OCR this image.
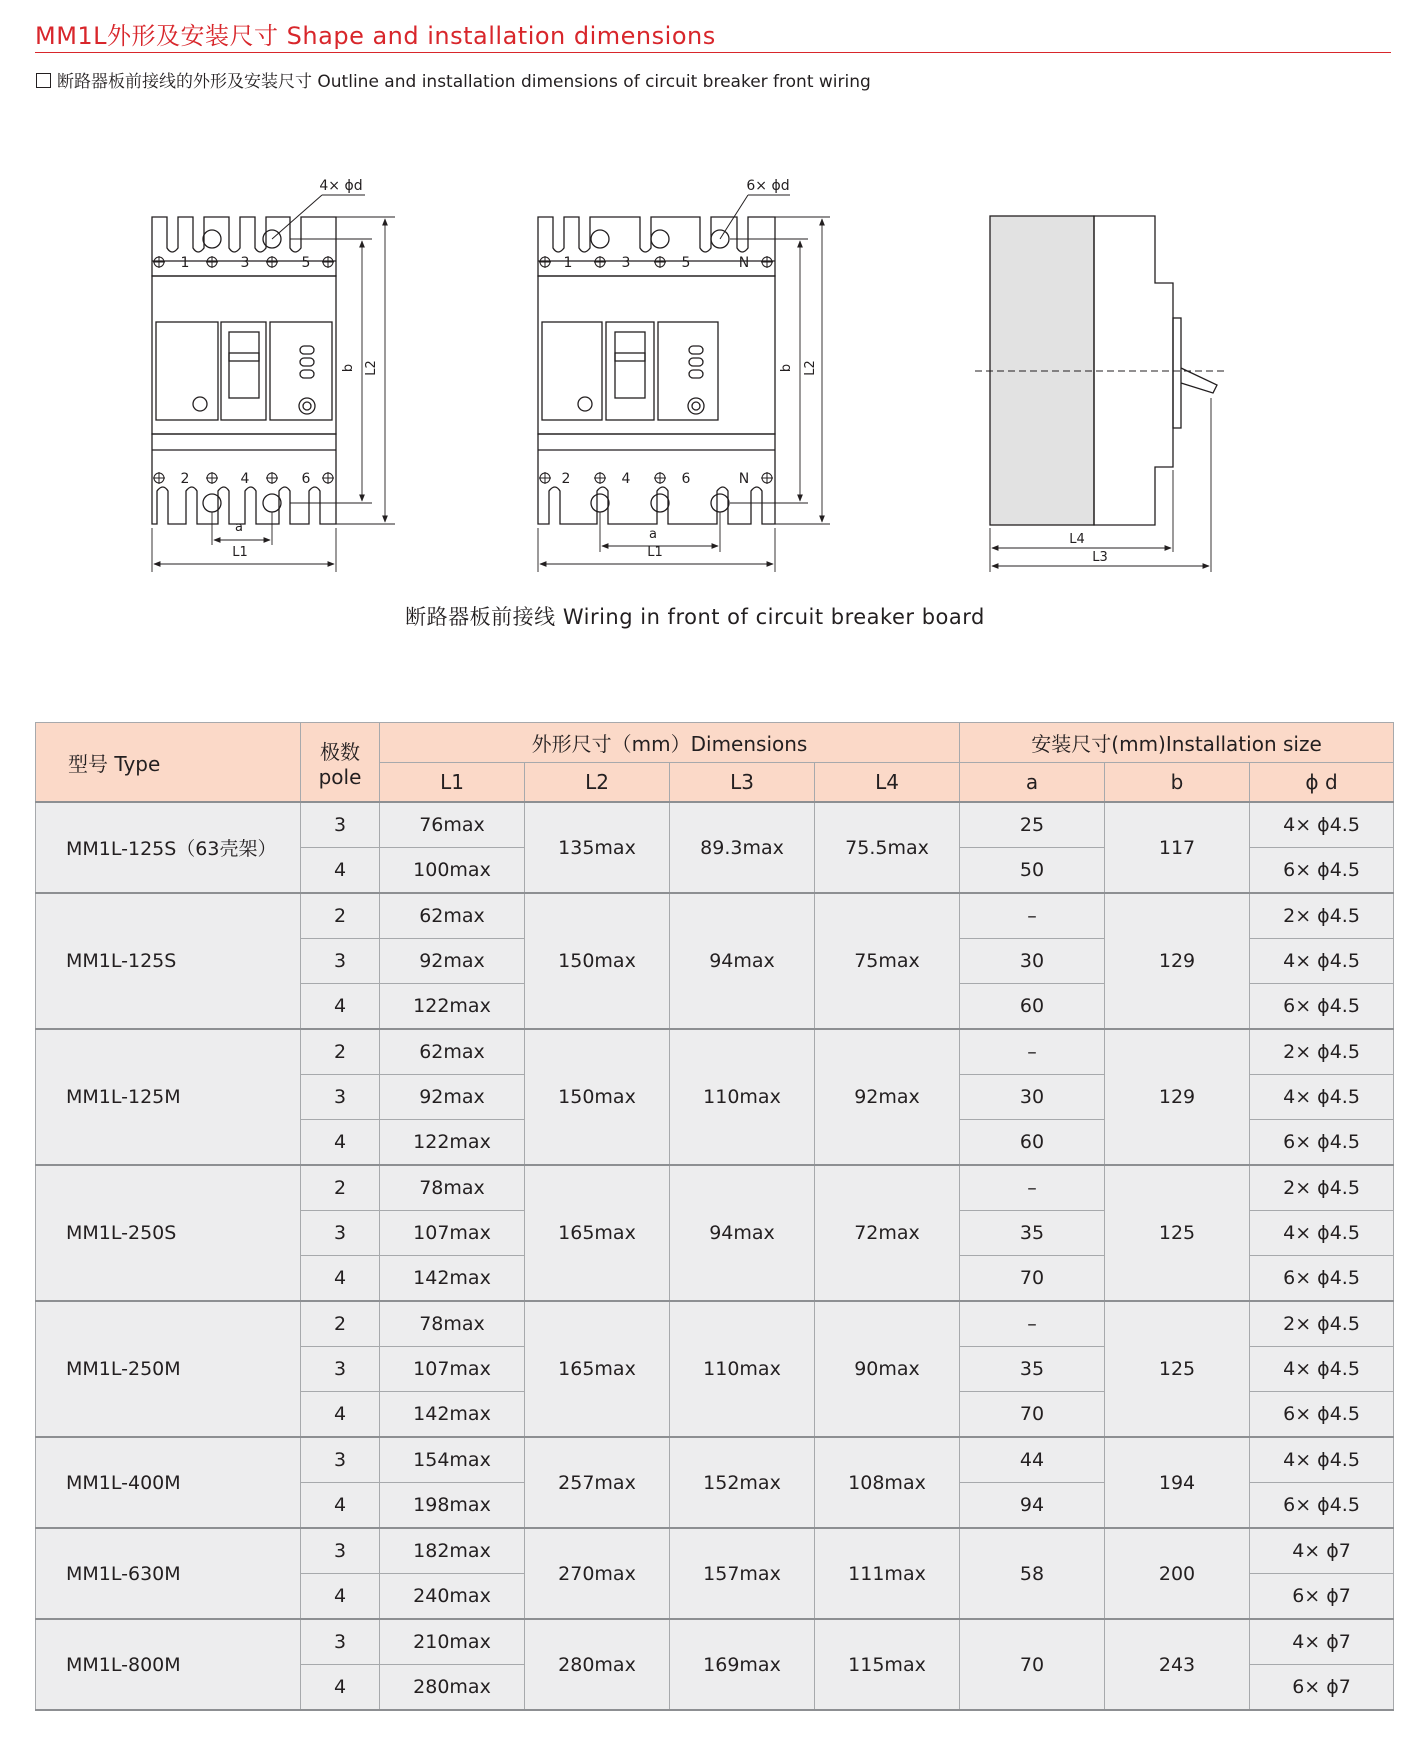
MM1L外形及安装尺寸 Shape and installation dimensions
断路器板前接线的外形及安装尺寸 Outline and installation dimensions of circuit breaker front wiring
1	3	5
2	4	6
4× ϕd
a
L1
b L2
1	3	5	N
2	4	6	N
6× ϕd
a
L1
b L2
L4
L3
断路器板前接线 Wiring in front of circuit breaker board
型号 Type	极数
pole	外形尺寸（mm）Dimensions				安装尺寸(mm)Installation size		
		L1	L2	L3	L4	a	b	ϕ d
MM1L-125S（63壳架）	3	76max	135max	89.3max	75.5max	25	117	4× ϕ4.5
	4	100max				50		6× ϕ4.5
MM1L-125S	2	62max	150max	94max	75max	–	129	2× ϕ4.5
	3	92max				30		4× ϕ4.5
	4	122max				60		6× ϕ4.5
MM1L-125M	2	62max	150max	110max	92max	–	129	2× ϕ4.5
	3	92max				30		4× ϕ4.5
	4	122max				60		6× ϕ4.5
MM1L-250S	2	78max	165max	94max	72max	–	125	2× ϕ4.5
	3	107max				35		4× ϕ4.5
	4	142max				70		6× ϕ4.5
MM1L-250M	2	78max	165max	110max	90max	–	125	2× ϕ4.5
	3	107max				35		4× ϕ4.5
	4	142max				70		6× ϕ4.5
MM1L-400M	3	154max	257max	152max	108max	44	194	4× ϕ4.5
	4	198max				94		6× ϕ4.5
MM1L-630M	3	182max	270max	157max	111max	58	200	4× ϕ7
	4	240max						6× ϕ7
MM1L-800M	3	210max	280max	169max	115max	70	243	4× ϕ7
	4	280max						6× ϕ7
